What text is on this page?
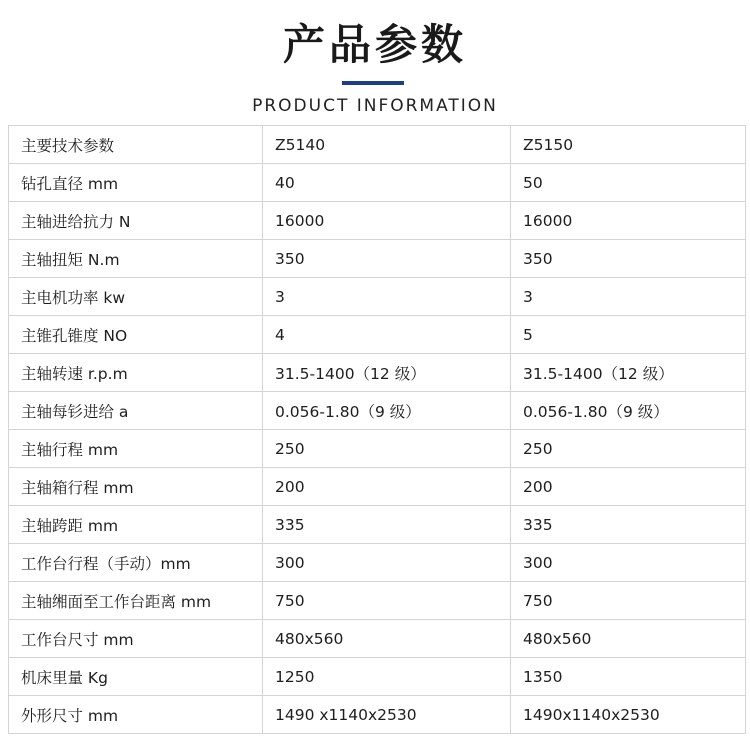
产品参数
PRODUCT INFORMATION
主要技术参数	Z5140	Z5150
钻孔直径 mm	40	50
主轴进给抗力 N	16000	16000
主轴扭矩 N.m	350	350
主电机功率 kw	3	3
主锥孔锥度 NO	4	5
主轴转速 r.p.m	31.5-1400（12 级）	31.5-1400（12 级）
主轴每钐进给 a	0.056-1.80（9 级）	0.056-1.80（9 级）
主轴行程 mm	250	250
主轴箱行程 mm	200	200
主轴跨距 mm	335	335
工作台行程（手动）mm	300	300
主轴缃面至工作台距离 mm	750	750
工作台尺寸 mm	480x560	480x560
机床里量 Kg	1250	1350
外形尺寸 mm	1490 x1140x2530	1490x1140x2530
